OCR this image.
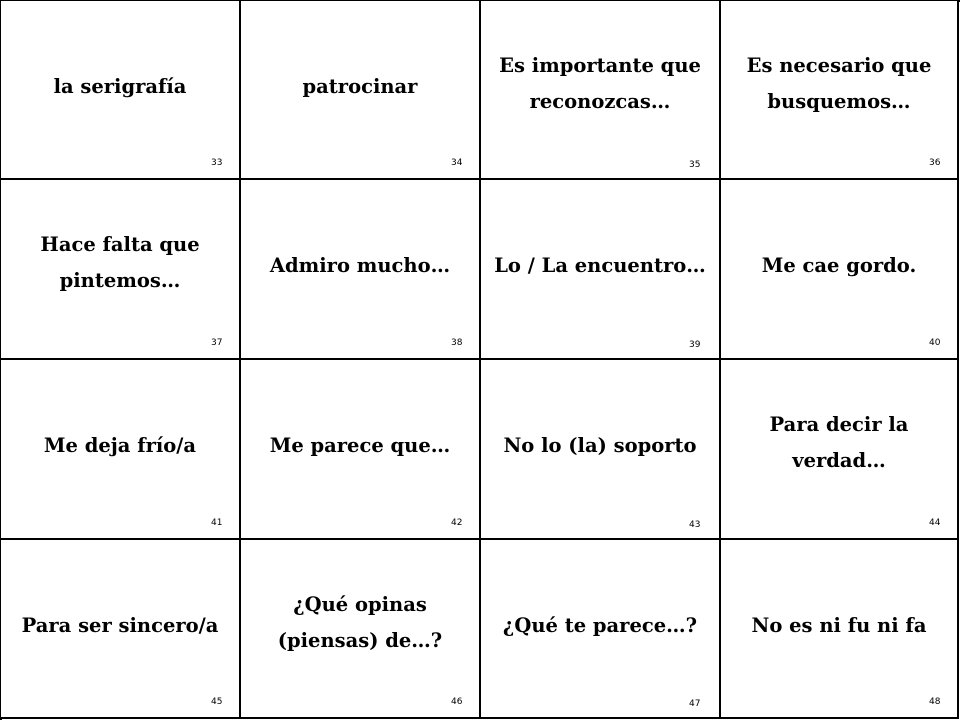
la serigrafía
33
patrocinar
34
Es importante que reconozcas…
35
Es necesario que busquemos…
36
Hace falta que pintemos…
37
Admiro mucho…
38
Lo / La encuentro…
39
Me cae gordo.
40
Me deja frío/a
41
Me parece que…
42
No lo (la) soporto
43
Para decir la verdad…
44
Para ser sincero/a
45
¿Qué opinas (piensas) de…?
46
¿Qué te parece…?
47
No es ni fu ni fa
48
